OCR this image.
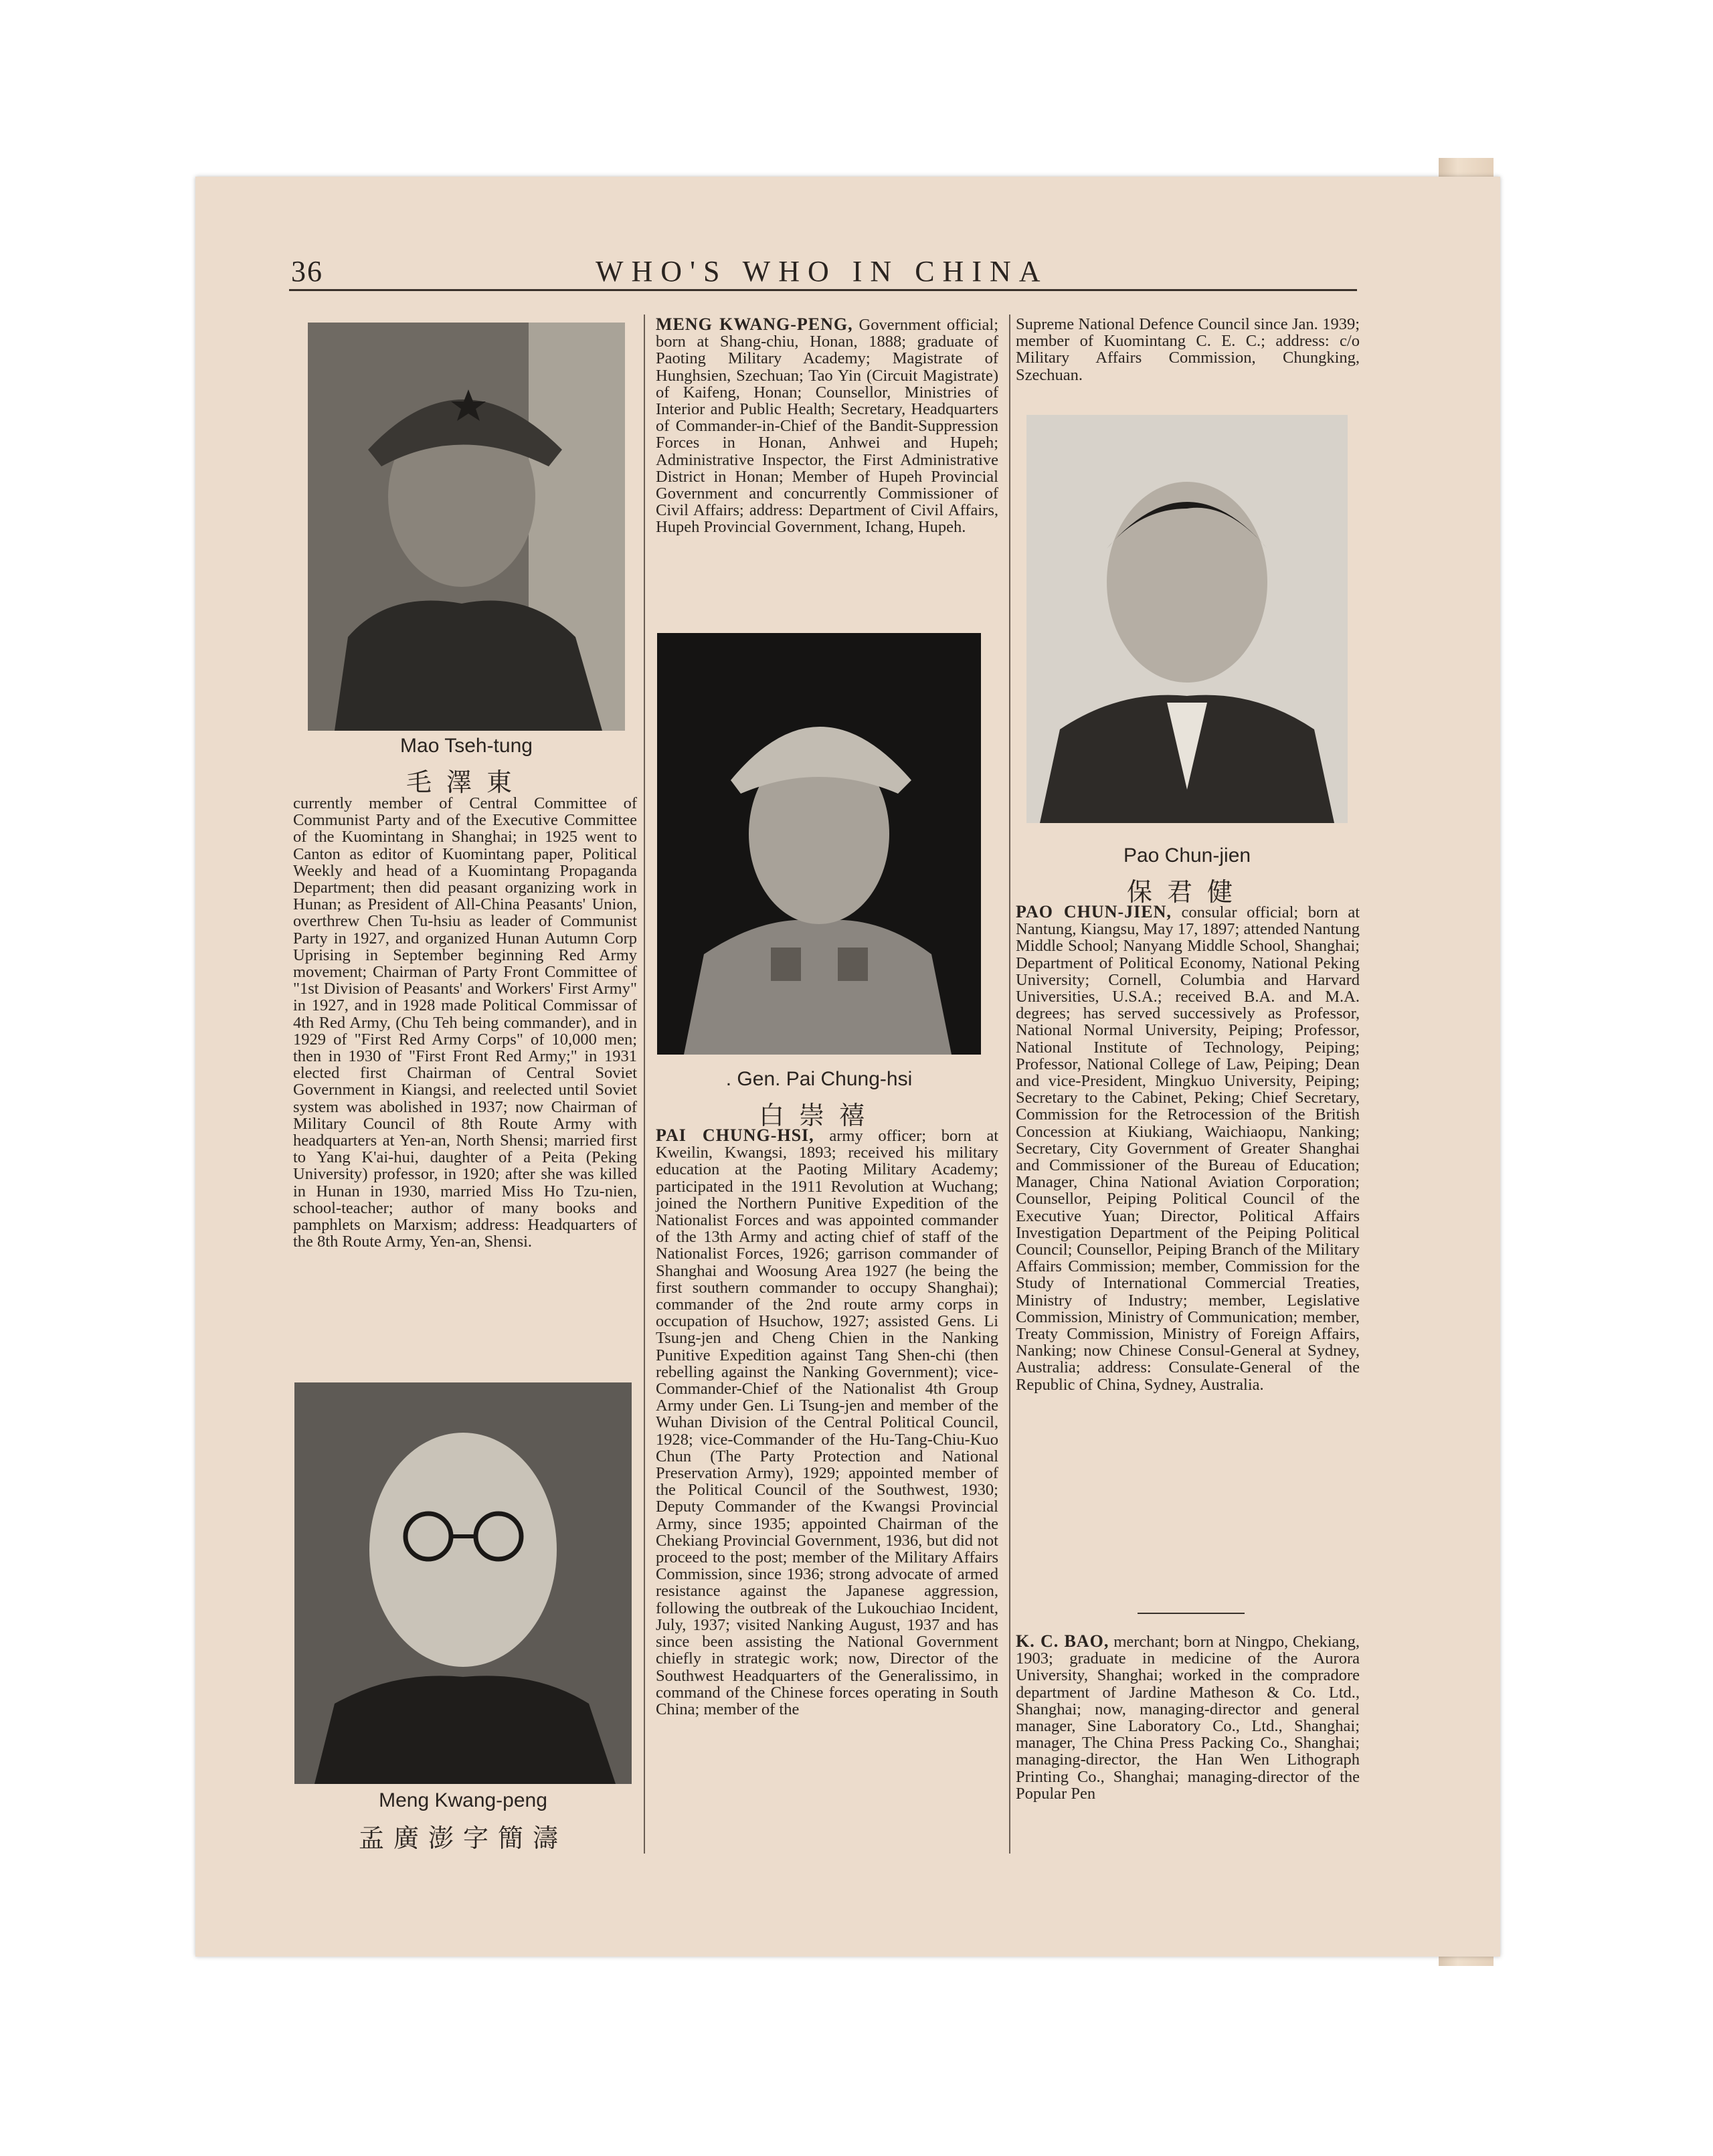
36	WHO'S WHO IN CHINA
Mao Tseh-tung
毛澤東
currently member of Central Committee of Communist Party and of the Executive Committee of the Kuomintang in Shanghai; in 1925 went to Canton as editor of Kuomintang paper, Political Weekly and head of a Kuomintang Propaganda Department; then did peasant organizing work in Hunan; as President of All-China Peasants' Union, overthrew Chen Tu-hsiu as leader of Communist Party in 1927, and organized Hunan Autumn Corp Uprising in September beginning Red Army movement; Chairman of Party Front Committee of "1st Division of Peasants' and Workers' First Army" in 1927, and in 1928 made Political Commissar of 4th Red Army, (Chu Teh being commander), and in 1929 of "First Red Army Corps" of 10,000 men; then in 1930 of "First Front Red Army;" in 1931 elected first Chairman of Central Soviet Government in Kiangsi, and reelected until Soviet system was abolished in 1937; now Chairman of Military Council of 8th Route Army with headquarters at Yen-an, North Shensi; married first to Yang K'ai-hui, daughter of a Peita (Peking University) professor, in 1920; after she was killed in Hunan in 1930, married Miss Ho Tzu-nien, school-teacher; author of many books and pamphlets on Marxism; address: Headquarters of the 8th Route Army, Yen-an, Shensi.
Meng Kwang-peng
孟廣澎字簡濤
MENG KWANG-PENG, Government official; born at Shang-chiu, Honan, 1888; graduate of Paoting Military Academy; Magistrate of Hunghsien, Szechuan; Tao Yin (Circuit Magistrate) of Kaifeng, Honan; Counsellor, Ministries of Interior and Public Health; Secretary, Headquarters of Commander-in-Chief of the Bandit-Suppression Forces in Honan, Anhwei and Hupeh; Administrative Inspector, the First Administrative District in Honan; Member of Hupeh Provincial Government and concurrently Commissioner of Civil Affairs; address: Department of Civil Affairs, Hupeh Provincial Government, Ichang, Hupeh.
. Gen. Pai Chung-hsi
白崇禧
PAI CHUNG-HSI, army officer; born at Kweilin, Kwangsi, 1893; received his military education at the Paoting Military Academy; participated in the 1911 Revolution at Wuchang; joined the Northern Punitive Expedition of the Nationalist Forces and was appointed commander of the 13th Army and acting chief of staff of the Nationalist Forces, 1926; garrison commander of Shanghai and Woosung Area 1927 (he being the first southern commander to occupy Shanghai); commander of the 2nd route army corps in occupation of Hsuchow, 1927; assisted Gens. Li Tsung-jen and Cheng Chien in the Nanking Punitive Expedition against Tang Shen-chi (then rebelling against the Nanking Government); vice-Commander-Chief of the Nationalist 4th Group Army under Gen. Li Tsung-jen and member of the Wuhan Division of the Central Political Council, 1928; vice-Commander of the Hu-Tang-Chiu-Kuo Chun (The Party Protection and National Preservation Army), 1929; appointed member of the Political Council of the Southwest, 1930; Deputy Commander of the Kwangsi Provincial Army, since 1935; appointed Chairman of the Chekiang Provincial Government, 1936, but did not proceed to the post; member of the Military Affairs Commission, since 1936; strong advocate of armed resistance against the Japanese aggression, following the outbreak of the Lukouchiao Incident, July, 1937; visited Nanking August, 1937 and has since been assisting the National Government chiefly in strategic work; now, Director of the Southwest Headquarters of the Generalissimo, in command of the Chinese forces operating in South China; member of the
Supreme National Defence Council since Jan. 1939; member of Kuomintang C. E. C.; address: c/o Military Affairs Commission, Chungking, Szechuan.
Pao Chun-jien
保君健
PAO CHUN-JIEN, consular official; born at Nantung, Kiangsu, May 17, 1897; attended Nantung Middle School; Nanyang Middle School, Shanghai; Department of Political Economy, National Peking University; Cornell, Columbia and Harvard Universities, U.S.A.; received B.A. and M.A. degrees; has served successively as Professor, National Normal University, Peiping; Professor, National Institute of Technology, Peiping; Professor, National College of Law, Peiping; Dean and vice-President, Mingkuo University, Peiping; Secretary to the Cabinet, Peking; Chief Secretary, Commission for the Retrocession of the British Concession at Kiukiang, Waichiaopu, Nanking; Secretary, City Government of Greater Shanghai and Commissioner of the Bureau of Education; Manager, China National Aviation Corporation; Counsellor, Peiping Political Council of the Executive Yuan; Director, Political Affairs Investigation Department of the Peiping Political Council; Counsellor, Peiping Branch of the Military Affairs Commission; member, Commission for the Study of International Commercial Treaties, Ministry of Industry; member, Legislative Commission, Ministry of Communication; member, Treaty Commission, Ministry of Foreign Affairs, Nanking; now Chinese Consul-General at Sydney, Australia; address: Consulate-General of the Republic of China, Sydney, Australia.
K. C. BAO, merchant; born at Ningpo, Chekiang, 1903; graduate in medicine of the Aurora University, Shanghai; worked in the compradore department of Jardine Matheson & Co. Ltd., Shanghai; now, managing-director and general manager, Sine Laboratory Co., Ltd., Shanghai; manager, The China Press Packing Co., Shanghai; managing-director, the Han Wen Lithograph Printing Co., Shanghai; managing-director of the Popular Pen
